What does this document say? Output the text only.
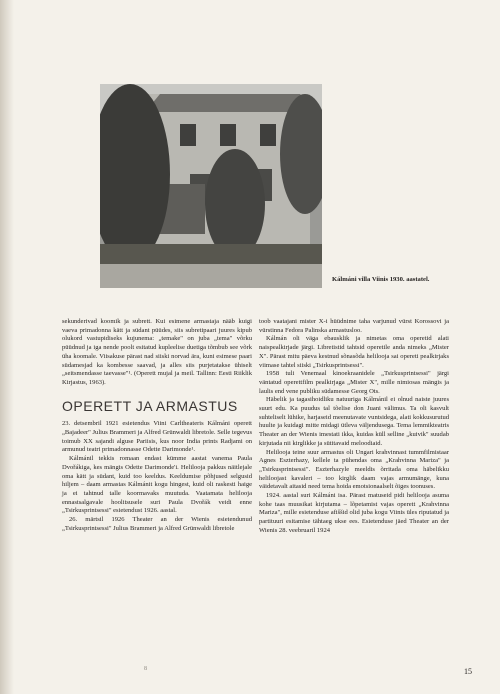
Kálmáni villa Viinis 1930. aastatel.

sekunderivad koomik ja subrett. Kui esimene armastaja nääb kuigi vaeva primadonna kätt ja südant püüdes, siis subretipaari juures kipub olukord vastupidiseks kujunema: „temake" on juba „tema" võrku püüdnud ja iga nende poolt esitatud kupleelise duetiga tõmbub see võrk üha koomale. Viisakuse pärast nad siiski norvad ära, kuni esimese paari südamesjad ka kombesse saavad, ja alles siis purjetatakse ühiselt „seitsmendasse taevasse"¹. (Operett mujal ja meil. Tallinn: Eesti Riiklik Kirjastus, 1963).

OPERETT JA ARMASTUS

23. detsembril 1921 esietendus Viini Carltheateris Kálmáni operett „Bajadeer" Julius Brammeri ja Alfred Grünwaldi libretole. Selle tegevus toimub XX sajandi alguse Pariisis, kus noor India prints Radjami on armunud teatri primadonnasse Odette Darimonde¹.

Kálmánil tekkis romaan endast kümme aastat vanema Paula Dvořákiga, kes mängis Odette Darimonde'i. Helilooja pakkus näitlejale oma kätt ja südant, kuid too keeldus. Keeldumise põhjused selgusid hiljem – daam armastas Kálmánit kogu hingest, kuid oli raskesti haige ja ei tahtnud talle koormavaks muutuda. Vaatamata helilooja ennastsalgavale hoolitsusele suri Paula Dvořák veidi enne „Tsirkusprintsessi" esietendust 1926. aastal.

26. märtsil 1926 Theater an der Wienis esietendunud „Tsirkusprintsessi" Julius Brammeri ja Alfred Grünwaldi libretole

toob vaatajani mister X-i hüüdnime taha varjunud vürst Korossovi ja vürstinna Fedora Palinska armastusloo.

Kálmán oli väga ebausklik ja nimetas oma operetid alati naispealkirjade järgi. Libretistid tahtsid operetile anda nimeks „Mister X". Pärast mitu päeva kestnud sõnasõda helilooja sai opereti pealkirjaks viimase tahtel siiski „Tsirkusprintsessi".

1958 tuli Venemaal kinoekraanidele „Tsirkusprintsessi" järgi väntatud operettfilm pealkirjaga „Mister X", mille nimiosas mängis ja laulis end vene publiku südamesse Georg Ots.

Häbelik ja tagasihoidliku natuuriga Kálmánil ei olnud naiste juures suurt edu. Ka puudus tal tõelise don Juani välimus. Ta oli kasvult suhteliselt lühike, harjaseid meenutavate vuntsidega, alati kokkusurutud huulte ja kuidagi mitte midagi ütleva väljendusega. Tema lemmikteatris Theater an der Wienis imestati ikka, kuidas küll selline „kuivik" suudab kirjutada nii kirglikke ja sütitavaid meloodiaid.

Helilooja teine suur armastus oli Ungari krahvinnast tummfilmistaar Agnes Eszterhazy, kellele ta pühendas oma „Krahvinna Mariza" ja „Tsirkusprintsessi". Eszterhazyle meeldis õrritada oma häbelikku heliloojast kavaleri – too kirglik daam vajas armumänge, kuna väidetavalt aitasid need tema hoida emotsionaalselt õiges toonuses.

1924. aastal suri Kálmáni isa. Pärast matuseid pidi helilooja asuma kohe taas muusikat kirjutama – lõpetamist vajas operett „Krahvinna Mariza", mille esietenduse afiššid olid juba kogu Viinis üles riputatud ja partituuri esitamise tähtaeg ukse ees. Esietenduse jäed Theater an der Wienis 28. veebruaril 1924

8	15
